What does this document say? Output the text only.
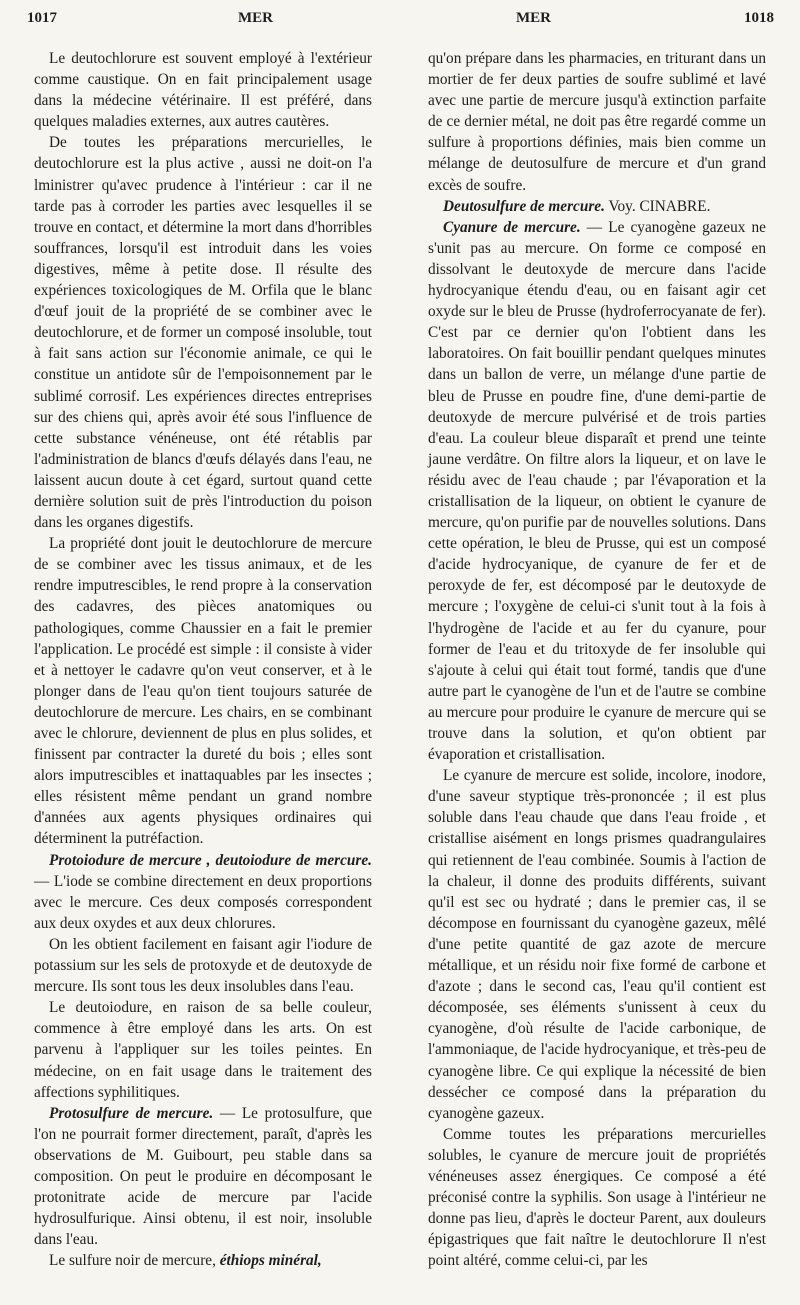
1017	MER	MER	1018

Le deutochlorure est souvent employé à l'extérieur comme caustique. On en fait principalement usage dans la médecine vétérinaire. Il est préféré, dans quelques maladies externes, aux autres cautères.

De toutes les préparations mercurielles, le deutochlorure est la plus active , aussi ne doit-on l'a lministrer qu'avec prudence à l'intérieur : car il ne tarde pas à corroder les parties avec lesquelles il se trouve en contact, et détermine la mort dans d'horribles souffrances, lorsqu'il est introduit dans les voies digestives, même à petite dose. Il résulte des expériences toxicologiques de M. Orfila que le blanc d'œuf jouit de la propriété de se combiner avec le deutochlorure, et de former un composé insoluble, tout à fait sans action sur l'économie animale, ce qui le constitue un antidote sûr de l'empoisonnement par le sublimé corrosif. Les expériences directes entreprises sur des chiens qui, après avoir été sous l'influence de cette substance vénéneuse, ont été rétablis par l'administration de blancs d'œufs délayés dans l'eau, ne laissent aucun doute à cet égard, surtout quand cette dernière solution suit de près l'introduction du poison dans les organes digestifs.

La propriété dont jouit le deutochlorure de mercure de se combiner avec les tissus animaux, et de les rendre imputrescibles, le rend propre à la conservation des cadavres, des pièces anatomiques ou pathologiques, comme Chaussier en a fait le premier l'application. Le procédé est simple : il consiste à vider et à nettoyer le cadavre qu'on veut conserver, et à le plonger dans de l'eau qu'on tient toujours saturée de deutochlorure de mercure. Les chairs, en se combinant avec le chlorure, deviennent de plus en plus solides, et finissent par contracter la dureté du bois ; elles sont alors imputrescibles et inattaquables par les insectes ; elles résistent même pendant un grand nombre d'années aux agents physiques ordinaires qui déterminent la putréfaction.

Protoiodure de mercure , deutoiodure de mercure. — L'iode se combine directement en deux proportions avec le mercure. Ces deux composés correspondent aux deux oxydes et aux deux chlorures.

On les obtient facilement en faisant agir l'iodure de potassium sur les sels de protoxyde et de deutoxyde de mercure. Ils sont tous les deux insolubles dans l'eau.

Le deutoiodure, en raison de sa belle couleur, commence à être employé dans les arts. On est parvenu à l'appliquer sur les toiles peintes. En médecine, on en fait usage dans le traitement des affections syphilitiques.

Protosulfure de mercure. — Le protosulfure, que l'on ne pourrait former directement, paraît, d'après les observations de M. Guibourt, peu stable dans sa composition. On peut le produire en décomposant le protonitrate acide de mercure par l'acide hydrosulfurique. Ainsi obtenu, il est noir, insoluble dans l'eau.

Le sulfure noir de mercure, éthiops minéral,

qu'on prépare dans les pharmacies, en triturant dans un mortier de fer deux parties de soufre sublimé et lavé avec une partie de mercure jusqu'à extinction parfaite de ce dernier métal, ne doit pas être regardé comme un sulfure à proportions définies, mais bien comme un mélange de deutosulfure de mercure et d'un grand excès de soufre.

Deutosulfure de mercure. Voy. CINABRE.

Cyanure de mercure. — Le cyanogène gazeux ne s'unit pas au mercure. On forme ce composé en dissolvant le deutoxyde de mercure dans l'acide hydrocyanique étendu d'eau, ou en faisant agir cet oxyde sur le bleu de Prusse (hydroferrocyanate de fer). C'est par ce dernier qu'on l'obtient dans les laboratoires. On fait bouillir pendant quelques minutes dans un ballon de verre, un mélange d'une partie de bleu de Prusse en poudre fine, d'une demi-partie de deutoxyde de mercure pulvérisé et de trois parties d'eau. La couleur bleue disparaît et prend une teinte jaune verdâtre. On filtre alors la liqueur, et on lave le résidu avec de l'eau chaude ; par l'évaporation et la cristallisation de la liqueur, on obtient le cyanure de mercure, qu'on purifie par de nouvelles solutions. Dans cette opération, le bleu de Prusse, qui est un composé d'acide hydrocyanique, de cyanure de fer et de peroxyde de fer, est décomposé par le deutoxyde de mercure ; l'oxygène de celui-ci s'unit tout à la fois à l'hydrogène de l'acide et au fer du cyanure, pour former de l'eau et du tritoxyde de fer insoluble qui s'ajoute à celui qui était tout formé, tandis que d'une autre part le cyanogène de l'un et de l'autre se combine au mercure pour produire le cyanure de mercure qui se trouve dans la solution, et qu'on obtient par évaporation et cristallisation.

Le cyanure de mercure est solide, incolore, inodore, d'une saveur styptique très-prononcée ; il est plus soluble dans l'eau chaude que dans l'eau froide , et cristallise aisément en longs prismes quadrangulaires qui retiennent de l'eau combinée. Soumis à l'action de la chaleur, il donne des produits différents, suivant qu'il est sec ou hydraté ; dans le premier cas, il se décompose en fournissant du cyanogène gazeux, mêlé d'une petite quantité de gaz azote de mercure métallique, et un résidu noir fixe formé de carbone et d'azote ; dans le second cas, l'eau qu'il contient est décomposée, ses éléments s'unissent à ceux du cyanogène, d'où résulte de l'acide carbonique, de l'ammoniaque, de l'acide hydrocyanique, et très-peu de cyanogène libre. Ce qui explique la nécessité de bien dessécher ce composé dans la préparation du cyanogène gazeux.

Comme toutes les préparations mercurielles solubles, le cyanure de mercure jouit de propriétés vénéneuses assez énergiques. Ce composé a été préconisé contre la syphilis. Son usage à l'intérieur ne donne pas lieu, d'après le docteur Parent, aux douleurs épigastriques que fait naître le deutochlorure Il n'est point altéré, comme celui-ci, par les
